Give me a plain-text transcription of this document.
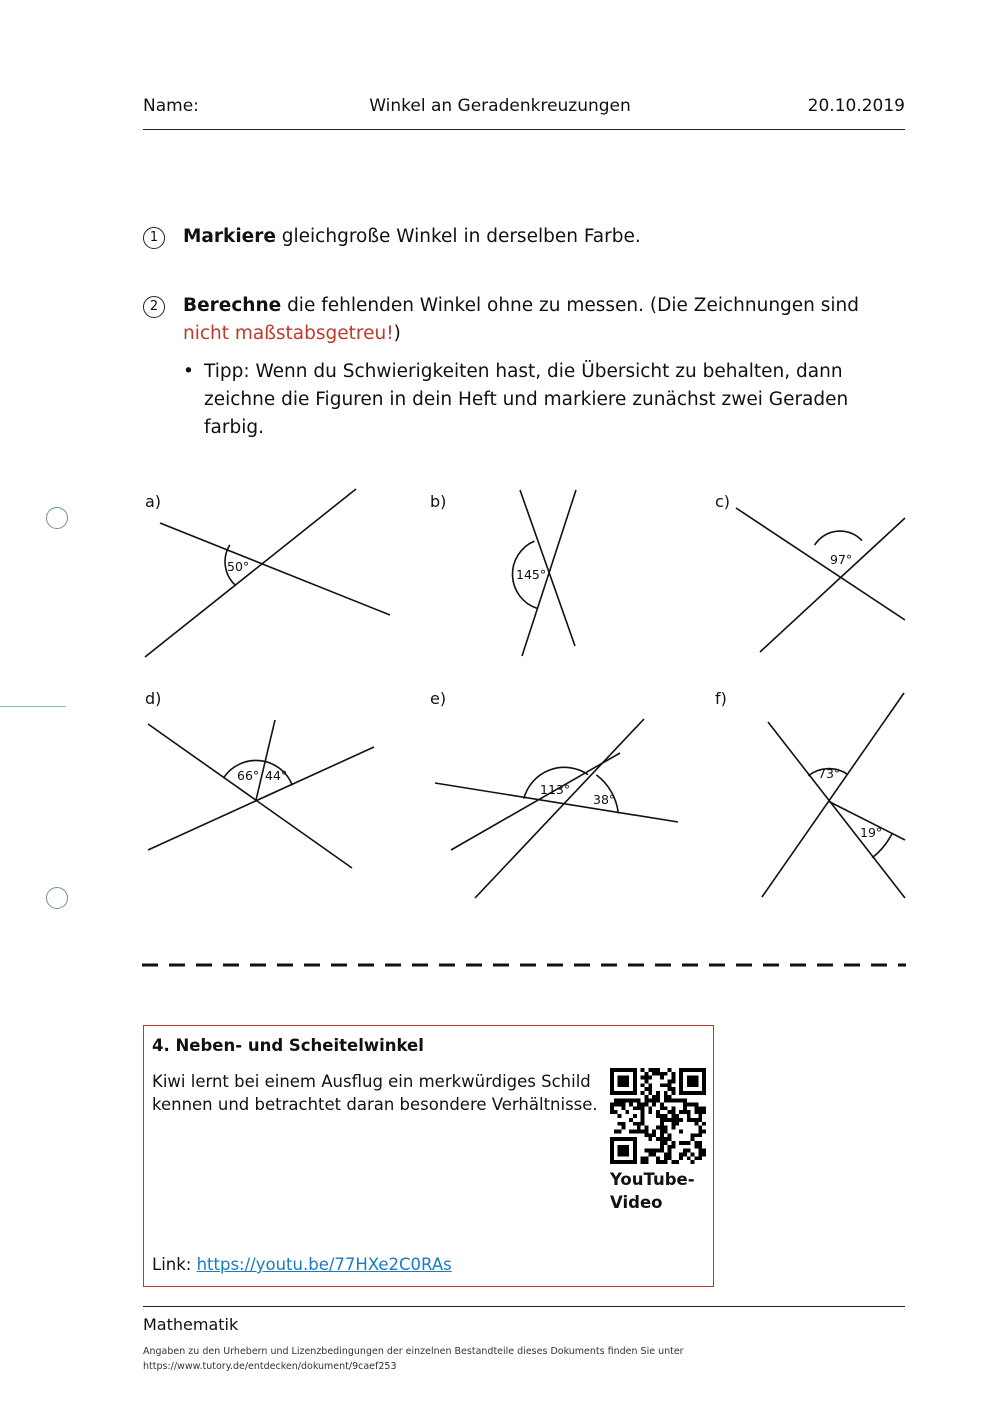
Name:	Winkel an Geradenkreuzungen	20.10.2019
1	Markiere gleichgroße Winkel in derselben Farbe.
2	Berechne die fehlenden Winkel ohne zu messen. (Die Zeichnungen sind nicht maßstabsgetreu!)
• Tipp: Wenn du Schwierigkeiten hast, die Übersicht zu behalten, dann zeichne die Figuren in dein Heft und markiere zunächst zwei Geraden farbig.
a)	b)	c)
d)	e)	f)
50°
145°
97°
66° 44°
113°
38°
73°
19°
4. Neben- und Scheitelwinkel
Kiwi lernt bei einem Ausflug ein merkwürdiges Schild kennen und betrachtet daran besondere Verhältnisse.
YouTube-Video
Link: https://youtu.be/77HXe2C0RAs
Mathematik
Angaben zu den Urhebern und Lizenzbedingungen der einzelnen Bestandteile dieses Dokuments finden Sie unter https://www.tutory.de/entdecken/dokument/9caef253
